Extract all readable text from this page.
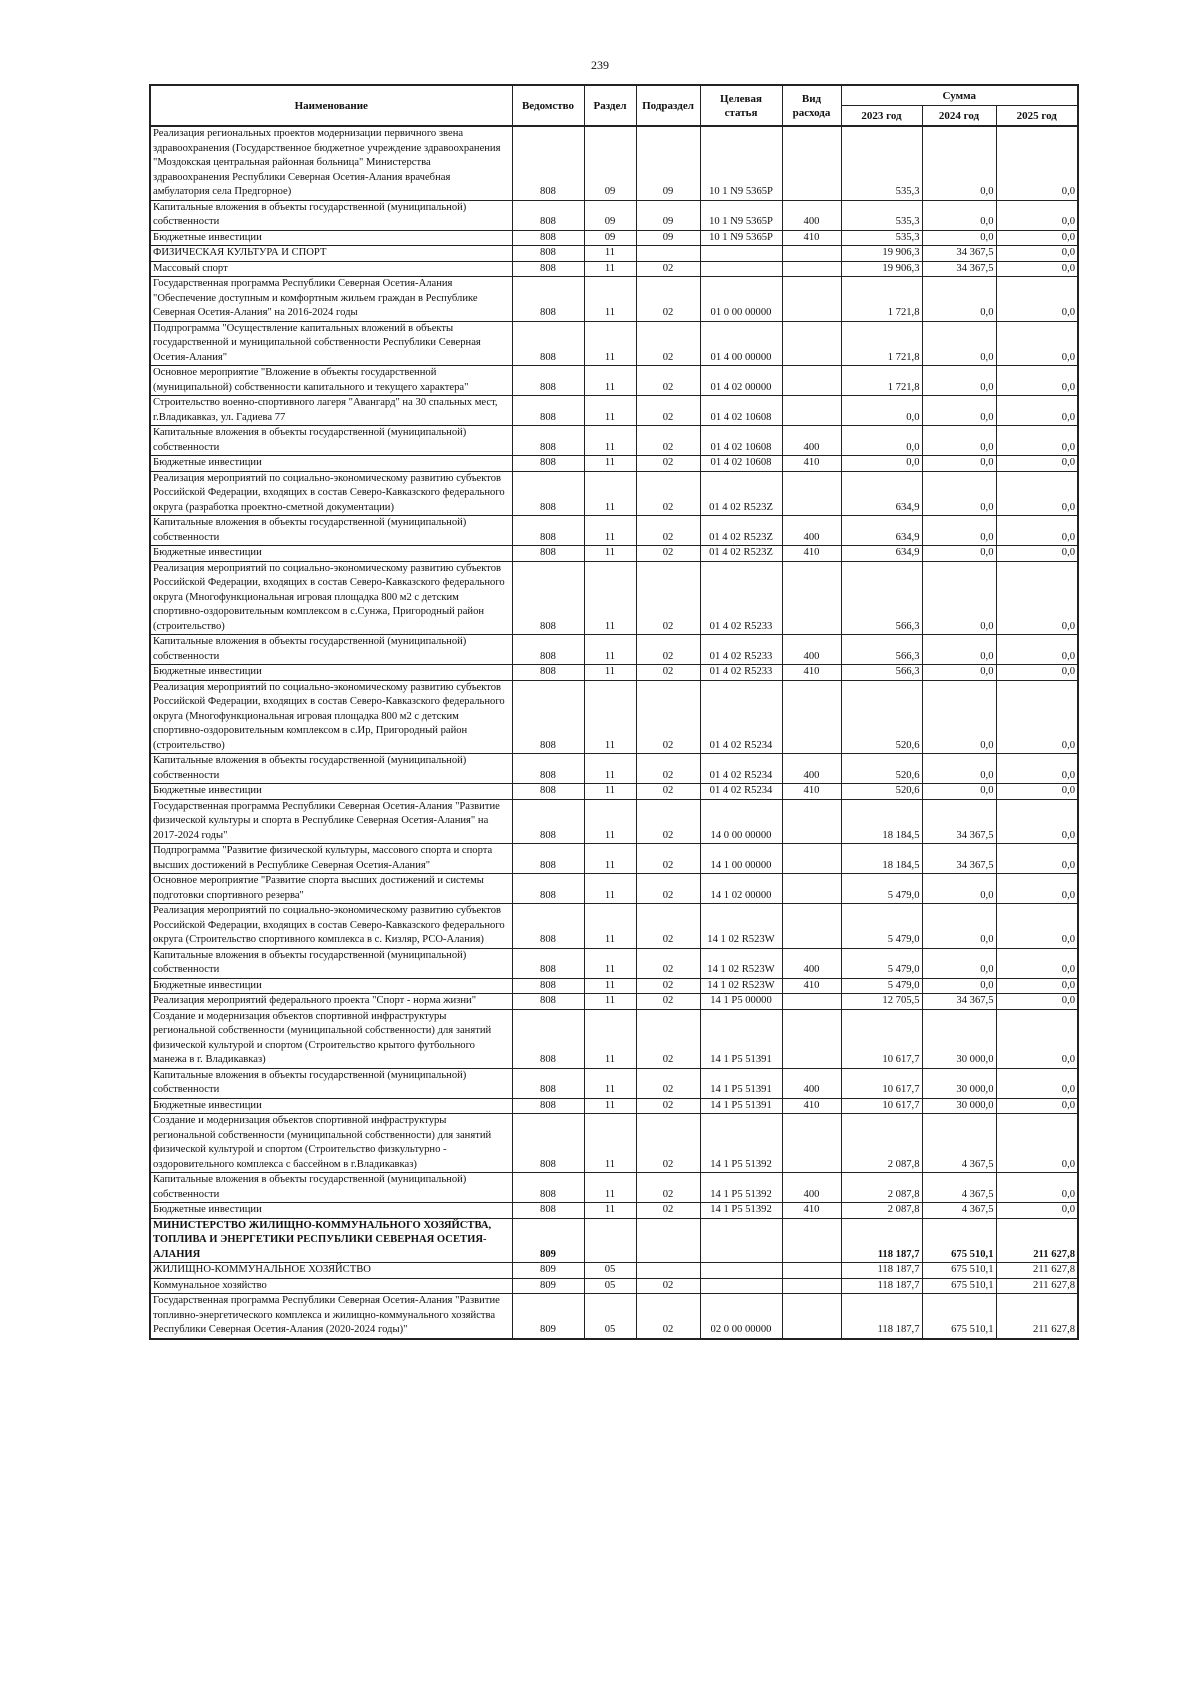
239
Наименование	Ведомство	Раздел	Подраздел	Целевая статья	Вид расхода	Сумма		
						2023 год	2024 год	2025 год
Реализация региональных проектов модернизации первичного звена здравоохранения (Государственное бюджетное учреждение здравоохранения "Моздокская центральная районная больница" Министерства здравоохранения Республики Северная Осетия-Алания врачебная амбулатория села Предгорное)	808	09	09	10 1 N9 5365P		535,3	0,0	0,0
Капитальные вложения в объекты государственной (муниципальной) собственности	808	09	09	10 1 N9 5365P	400	535,3	0,0	0,0
Бюджетные инвестиции	808	09	09	10 1 N9 5365P	410	535,3	0,0	0,0
ФИЗИЧЕСКАЯ КУЛЬТУРА И СПОРТ	808	11				19 906,3	34 367,5	0,0
Массовый спорт	808	11	02			19 906,3	34 367,5	0,0
Государственная программа Республики Северная Осетия-Алания "Обеспечение доступным и комфортным жильем граждан в Республике Северная Осетия-Алания" на 2016-2024 годы	808	11	02	01 0 00 00000		1 721,8	0,0	0,0
Подпрограмма "Осуществление капитальных вложений в объекты государственной и муниципальной собственности Республики Северная Осетия-Алания"	808	11	02	01 4 00 00000		1 721,8	0,0	0,0
Основное мероприятие "Вложение в объекты государственной (муниципальной) собственности капитального и текущего характера"	808	11	02	01 4 02 00000		1 721,8	0,0	0,0
Строительство военно-спортивного лагеря "Авангард" на 30 спальных мест, г.Владикавказ, ул. Гадиева 77	808	11	02	01 4 02 10608		0,0	0,0	0,0
Капитальные вложения в объекты государственной (муниципальной) собственности	808	11	02	01 4 02 10608	400	0,0	0,0	0,0
Бюджетные инвестиции	808	11	02	01 4 02 10608	410	0,0	0,0	0,0
Реализация мероприятий по социально-экономическому развитию субъектов Российской Федерации, входящих в состав Северо-Кавказского федерального округа (разработка проектно-сметной документации)	808	11	02	01 4 02 R523Z		634,9	0,0	0,0
Капитальные вложения в объекты государственной (муниципальной) собственности	808	11	02	01 4 02 R523Z	400	634,9	0,0	0,0
Бюджетные инвестиции	808	11	02	01 4 02 R523Z	410	634,9	0,0	0,0
Реализация мероприятий по социально-экономическому развитию субъектов Российской Федерации, входящих в состав Северо-Кавказского федерального округа (Многофункциональная игровая площадка 800 м2 с детским спортивно-оздоровительным комплексом в с.Сунжа, Пригородный район (строительство)	808	11	02	01 4 02 R5233		566,3	0,0	0,0
Капитальные вложения в объекты государственной (муниципальной) собственности	808	11	02	01 4 02 R5233	400	566,3	0,0	0,0
Бюджетные инвестиции	808	11	02	01 4 02 R5233	410	566,3	0,0	0,0
Реализация мероприятий по социально-экономическому развитию субъектов Российской Федерации, входящих в состав Северо-Кавказского федерального округа (Многофункциональная игровая площадка 800 м2 с детским спортивно-оздоровительным комплексом в с.Ир, Пригородный район (строительство)	808	11	02	01 4 02 R5234		520,6	0,0	0,0
Капитальные вложения в объекты государственной (муниципальной) собственности	808	11	02	01 4 02 R5234	400	520,6	0,0	0,0
Бюджетные инвестиции	808	11	02	01 4 02 R5234	410	520,6	0,0	0,0
Государственная программа Республики Северная Осетия-Алания "Развитие физической культуры и спорта в Республике Северная Осетия-Алания" на 2017-2024 годы"	808	11	02	14 0 00 00000		18 184,5	34 367,5	0,0
Подпрограмма "Развитие физической культуры, массового спорта и спорта высших достижений в Республике Северная Осетия-Алания"	808	11	02	14 1 00 00000		18 184,5	34 367,5	0,0
Основное мероприятие "Развитие спорта высших достижений и системы подготовки спортивного резерва"	808	11	02	14 1 02 00000		5 479,0	0,0	0,0
Реализация мероприятий по социально-экономическому развитию субъектов Российской Федерации, входящих в состав Северо-Кавказского федерального округа (Строительство спортивного комплекса в с. Кизляр, РСО-Алания)	808	11	02	14 1 02 R523W		5 479,0	0,0	0,0
Капитальные вложения в объекты государственной (муниципальной) собственности	808	11	02	14 1 02 R523W	400	5 479,0	0,0	0,0
Бюджетные инвестиции	808	11	02	14 1 02 R523W	410	5 479,0	0,0	0,0
Реализация мероприятий федерального проекта "Спорт - норма жизни"	808	11	02	14 1 P5 00000		12 705,5	34 367,5	0,0
Создание и модернизация объектов спортивной инфраструктуры региональной собственности (муниципальной собственности) для занятий физической культурой и спортом (Строительство крытого футбольного манежа в г. Владикавказ)	808	11	02	14 1 P5 51391		10 617,7	30 000,0	0,0
Капитальные вложения в объекты государственной (муниципальной) собственности	808	11	02	14 1 P5 51391	400	10 617,7	30 000,0	0,0
Бюджетные инвестиции	808	11	02	14 1 P5 51391	410	10 617,7	30 000,0	0,0
Создание и модернизация объектов спортивной инфраструктуры региональной собственности (муниципальной собственности) для занятий физической культурой и спортом (Строительство физкультурно - оздоровительного комплекса с бассейном в г.Владикавказ)	808	11	02	14 1 P5 51392		2 087,8	4 367,5	0,0
Капитальные вложения в объекты государственной (муниципальной) собственности	808	11	02	14 1 P5 51392	400	2 087,8	4 367,5	0,0
Бюджетные инвестиции	808	11	02	14 1 P5 51392	410	2 087,8	4 367,5	0,0
МИНИСТЕРСТВО ЖИЛИЩНО-КОММУНАЛЬНОГО ХОЗЯЙСТВА, ТОПЛИВА И ЭНЕРГЕТИКИ РЕСПУБЛИКИ СЕВЕРНАЯ ОСЕТИЯ-АЛАНИЯ	809					118 187,7	675 510,1	211 627,8
ЖИЛИЩНО-КОММУНАЛЬНОЕ ХОЗЯЙСТВО	809	05				118 187,7	675 510,1	211 627,8
Коммунальное хозяйство	809	05	02			118 187,7	675 510,1	211 627,8
Государственная программа Республики Северная Осетия-Алания "Развитие топливно-энергетического комплекса и жилищно-коммунального хозяйства Республики Северная Осетия-Алания (2020-2024 годы)"	809	05	02	02 0 00 00000		118 187,7	675 510,1	211 627,8
